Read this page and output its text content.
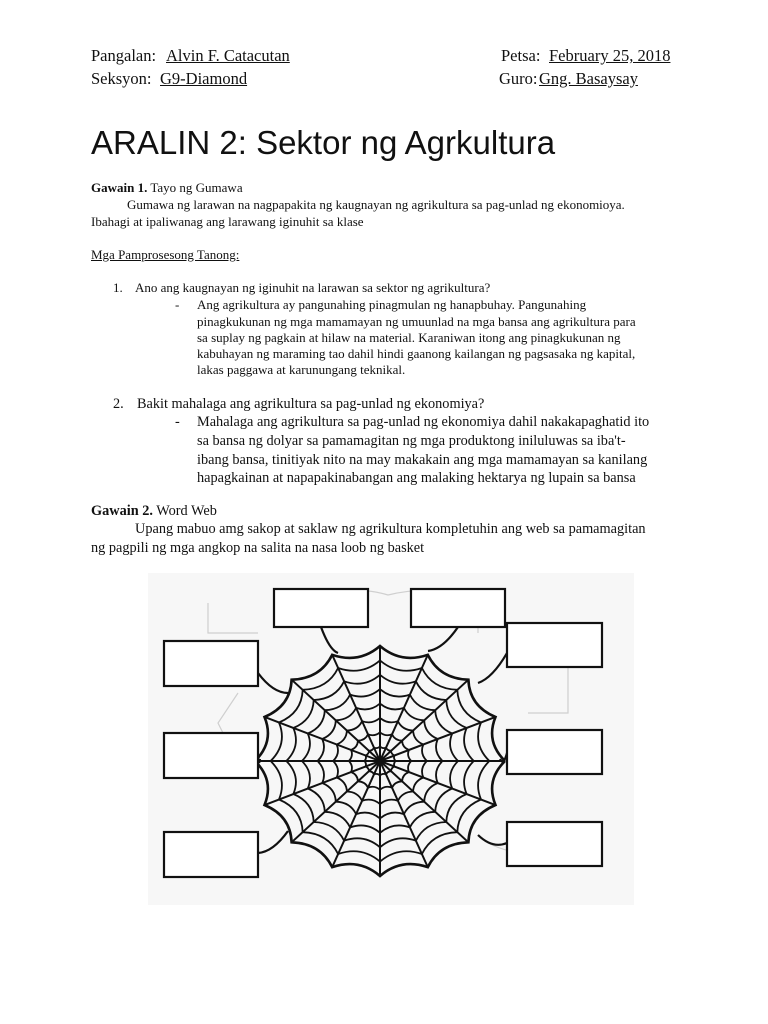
Pangalan: Alvin F. Catacutan	Petsa: February 25, 2018
Seksyon: G9-Diamond	Guro: Gng. Basaysay
ARALIN 2: Sektor ng Agrkultura
Gawain 1. Tayo ng Gumawa
Gumawa ng larawan na nagpapakita ng kaugnayan ng agrikultura sa pag-unlad ng ekonomioya.
Ibahagi at ipaliwanag ang larawang iginuhit sa klase
Mga Pamprosesong Tanong:
1. Ano ang kaugnayan ng iginuhit na larawan sa sektor ng agrikultura?
- Ang agrikultura ay pangunahing pinagmulan ng hanapbuhay. Pangunahing
pinagkukunan ng mga mamamayan ng umuunlad na mga bansa ang agrikultura para
sa suplay ng pagkain at hilaw na material. Karaniwan itong ang pinagkukunan ng
kabuhayan ng maraming tao dahil hindi gaanong kailangan ng pagsasaka ng kapital,
lakas paggawa at karunungang teknikal.
2. Bakit mahalaga ang agrikultura sa pag-unlad ng ekonomiya?
- Mahalaga ang agrikultura sa pag-unlad ng ekonomiya dahil nakakapaghatid ito
sa bansa ng dolyar sa pamamagitan ng mga produktong iniluluwas sa iba't-
ibang bansa, tinitiyak nito na may makakain ang mga mamamayan sa kanilang
hapagkainan at napapakinabangan ang malaking hektarya ng lupain sa bansa
Gawain 2. Word Web
Upang mabuo amg sakop at saklaw ng agrikultura kompletuhin ang web sa pamamagitan
ng pagpili ng mga angkop na salita na nasa loob ng basket
